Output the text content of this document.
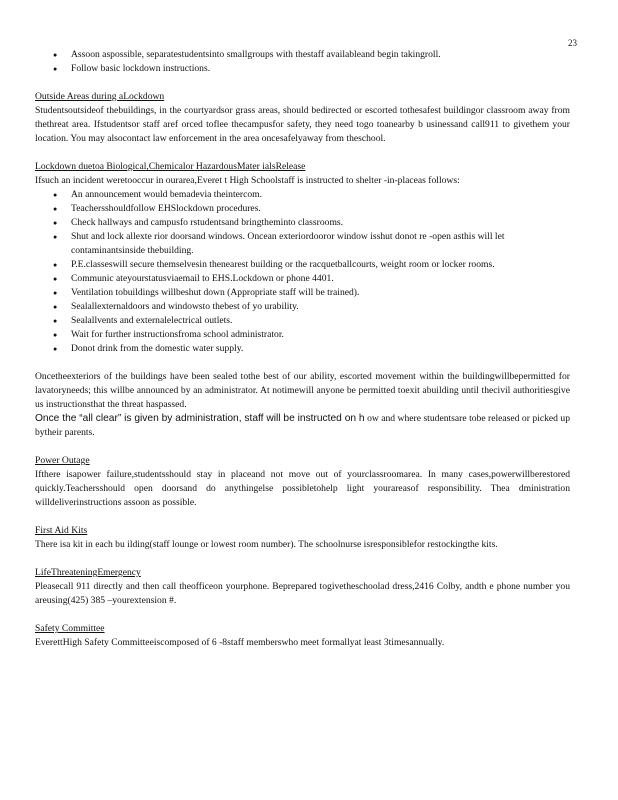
23
● Assoon aspossible, separatestudentsinto smallgroups with thestaff availableand begin takingroll.
● Follow basic lockdown instructions.

Outside Areas during aLockdown

Studentsoutsideof thebuildings, in the courtyardsor grass areas, should bedirected or escorted tothesafest buildingor classroom away from thethreat area. Ifstudentsor staff aref orced toflee thecampusfor safety, they need togo toanearby b usinessand call911 to givethem your location. You may alsocontact law enforcement in the area oncesafelyaway from theschool.

Lockdown duetoa Biological,Chemicalor HazardousMater ialsRelease

Ifsuch an incident weretooccur in ourarea,Everet t High Schoolstaff is instructed to shelter -in-placeas follows:

● An announcement would bemadevia theintercom.
● Teachersshouldfollow EHSlockdown procedures.
● Check hallways and campusfo rstudentsand bringtheminto classrooms.
● Shut and lock allexte rior doorsand windows. Oncean exteriordooror window isshut donot re -open asthis will let contaminantsinside thebuilding.
● P.E.classeswill secure themselvesin thenearest building or the racquetballcourts, weight room or locker rooms.
● Communic ateyourstatusviaemail to EHS.Lockdown or phone 4401.
● Ventilation tobuildings willbeshut down (Appropriate staff will be trained).
● Sealallexternaldoors and windowsto thebest of yo urability.
● Sealallvents and externalelectrical outlets.
● Wait for further instructionsfroma school administrator.
● Donot drink from the domestic water supply.

Oncetheexteriors of the buildings have been sealed tothe best of our ability, escorted movement within the buildingwillbepermitted for lavatoryneeds; this willbe announced by an administrator. At notimewill anyone be permitted toexit abuilding until thecivil authoritiesgive us instructionsthat the threat haspassed.

Once the “all clear” is given by administration, staff will be instructed on h ow and where studentsare tobe released or picked up bytheir parents.

Power Outage

Ifthere isapower failure,studentsshould stay in placeand not move out of yourclassroomarea. In many cases,powerwillberestored quickly.Teachersshould open doorsand do anythingelse possibletohelp light yourareasof responsibility. Thea dministration willdeliverinstructions assoon as possible.

First Aid Kits

There isa kit in each bu ilding(staff lounge or lowest room number). The schoolnurse isresponsiblefor restockingthe kits.

LifeThreateningEmergency

Pleasecall 911 directly and then call theofficeon yourphone. Beprepared togivetheschoolad dress,2416 Colby, andth e phone number you areusing(425) 385 –yourextension #.

Safety Committee

EverettHigh Safety Committeeiscomposed of 6 -8staff memberswho meet formallyat least 3timesannually.
